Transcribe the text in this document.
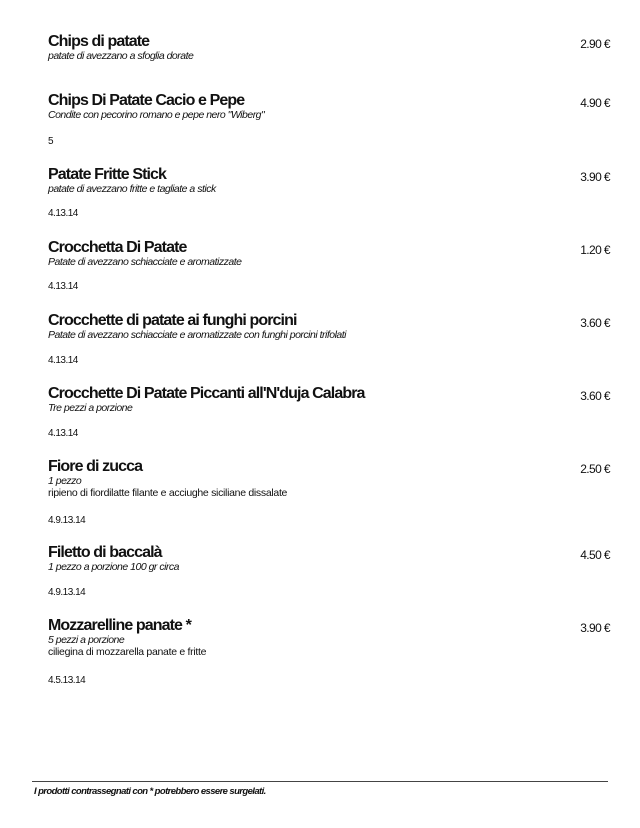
Chips di patate
patate di avezzano a sfoglia dorate
2.90 €
Chips Di Patate Cacio e Pepe
Condite con pecorino romano e pepe nero "Wiberg"
4.90 €
5
Patate Fritte Stick
patate di avezzano fritte e tagliate a stick
3.90 €
4.13.14
Crocchetta Di Patate
Patate di avezzano schiacciate e aromatizzate
1.20 €
4.13.14
Crocchette di patate ai funghi porcini
Patate di avezzano schiacciate e aromatizzate con funghi porcini trifolati
3.60 €
4.13.14
Crocchette Di Patate Piccanti all'N'duja Calabra
Tre pezzi a porzione
3.60 €
4.13.14
Fiore di zucca
1 pezzo
ripieno di fiordilatte filante e acciughe siciliane dissalate
2.50 €
4.9.13.14
Filetto di baccalà
1 pezzo a porzione 100 gr circa
4.50 €
4.9.13.14
Mozzarelline panate *
5 pezzi a porzione
ciliegina di mozzarella panate e fritte
3.90 €
4.5.13.14
I prodotti contrassegnati con * potrebbero essere surgelati.
